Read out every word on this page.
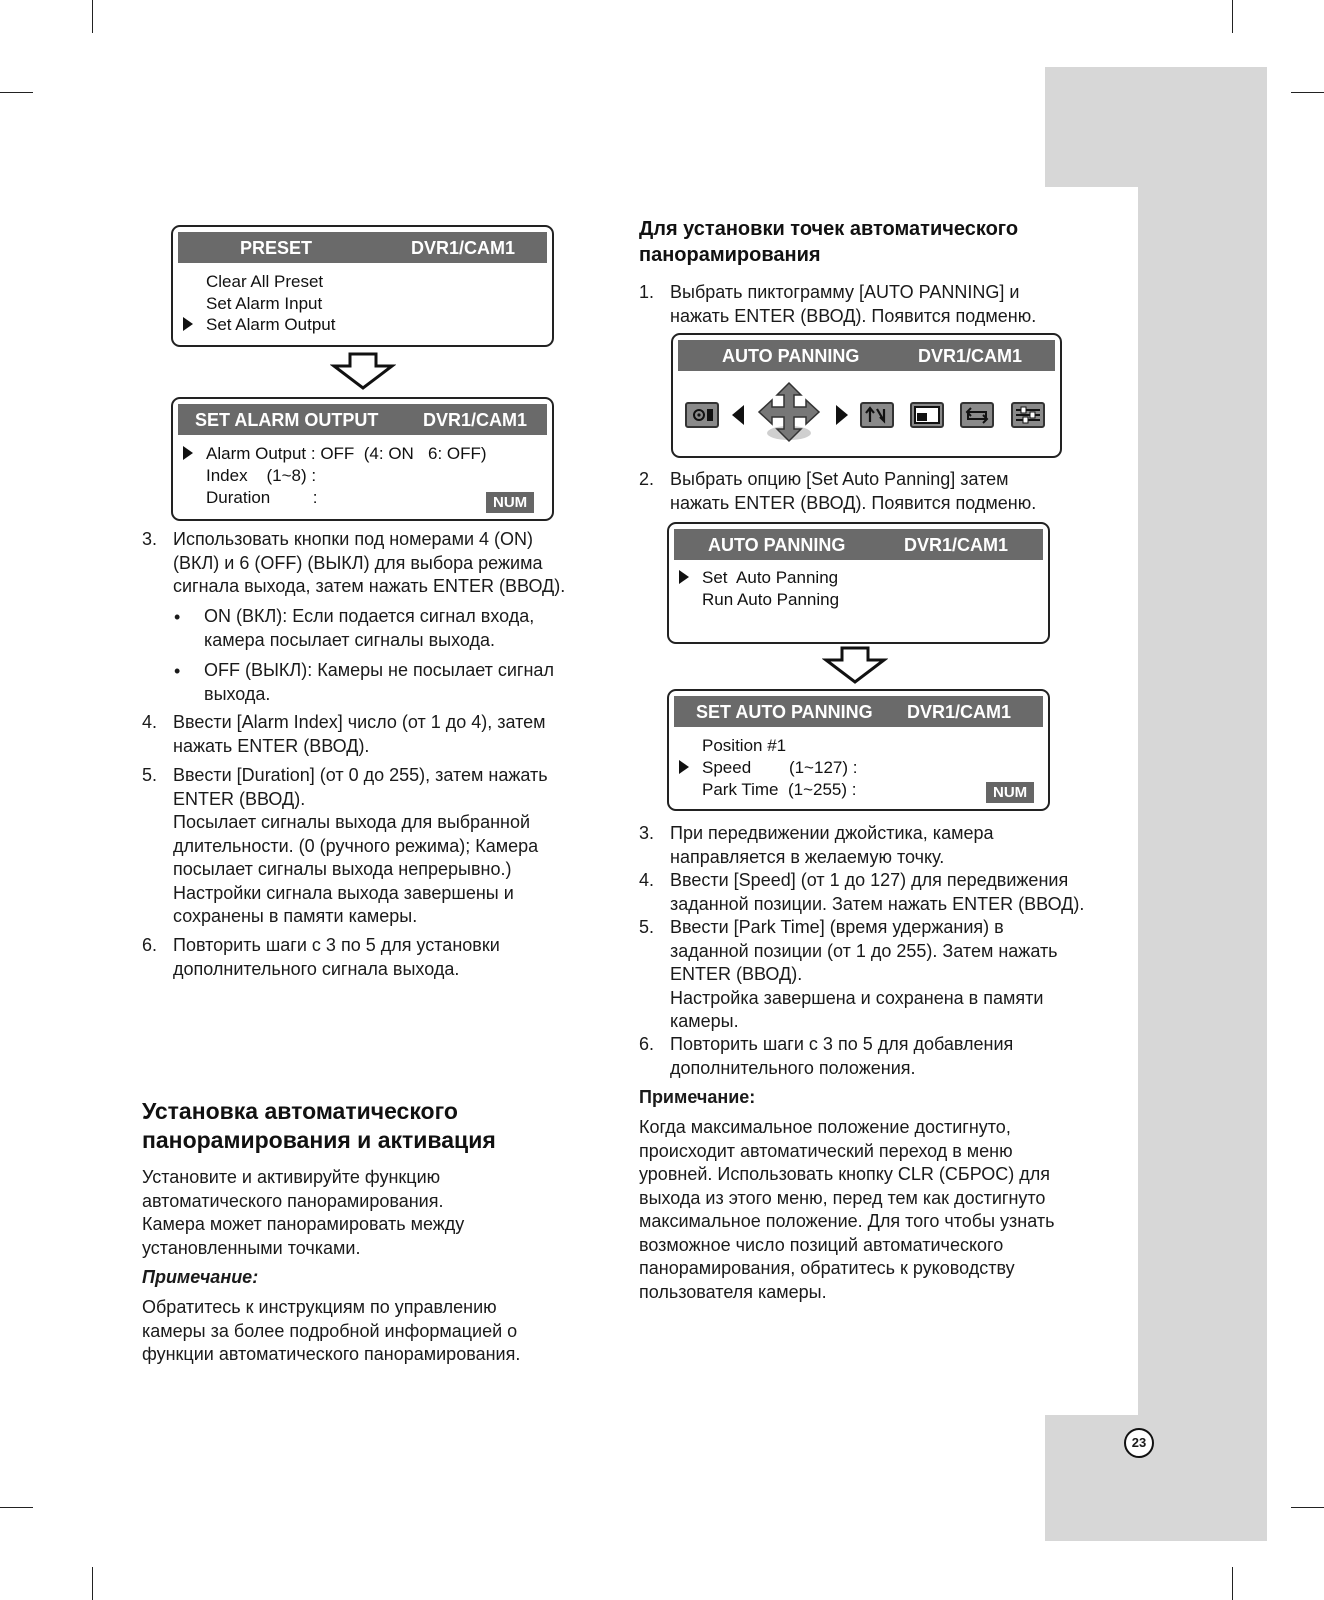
23
PRESET	DVR1/CAM1
Clear All Preset
Set Alarm Input
Set Alarm Output
SET ALARM OUTPUT DVR1/CAM1
Alarm Output : OFF  (4: ON   6: OFF)
Index    (1~8) :
Duration         :	NUM
3. Использовать кнопки под номерами 4 (ON)
(ВКЛ) и 6 (OFF) (ВЫКЛ) для выбора режима
сигнала выхода, затем нажать ENTER (ВВОД).
• ON (ВКЛ): Если подается сигнал входа,
камера посылает сигналы выхода.
• OFF (ВЫКЛ): Камеры не посылает сигнал
выхода.
4. Ввести [Alarm Index] число (от 1 до 4), затем
нажать ENTER (ВВОД).
5. Ввести [Duration] (от 0 до 255), затем нажать
ENTER (ВВОД).
Посылает сигналы выхода для выбранной
длительности. (0 (ручного режима); Камера
посылает сигналы выхода непрерывно.)
Настройки сигнала выхода завершены и
сохранены в памяти камеры.
6. Повторить шаги с 3 по 5 для установки
дополнительного сигнала выхода.
Установка автоматического
панорамирования и активация
Установите и активируйте функцию
автоматического панорамирования.
Камера может панорамировать между
установленными точками.
Примечание:
Обратитесь к инструкциям по управлению
камеры за более подробной информацией о
функции автоматического панорамирования.
Для установки точек автоматического
панорамирования
1. Выбрать пиктограмму [AUTO PANNING] и
нажать ENTER (ВВОД). Появится подменю.
AUTO PANNING	DVR1/CAM1
2. Выбрать опцию [Set Auto Panning] затем
нажать ENTER (ВВОД). Появится подменю.
AUTO PANNING	DVR1/CAM1
Set  Auto Panning
Run Auto Panning
SET AUTO PANNING DVR1/CAM1
Position #1
Speed        (1~127) :
Park Time  (1~255) :	NUM
3. При передвижении джойстика, камера
направляется в желаемую точку.
4. Ввести [Speed] (от 1 до 127) для передвижения
заданной позиции. Затем нажать ENTER (ВВОД).
5. Ввести [Park Time] (время удержания) в
заданной позиции (от 1 до 255). Затем нажать
ENTER (ВВОД).
Настройка завершена и сохранена в памяти
камеры.
6. Повторить шаги с 3 по 5 для добавления
дополнительного положения.
Примечание:
Когда максимальное положение достигнуто,
происходит автоматический переход в меню
уровней. Использовать кнопку CLR (СБРОС) для
выхода из этого меню, перед тем как достигнуто
максимальное положение. Для того чтобы узнать
возможное число позиций автоматического
панорамирования, обратитесь к руководству
пользователя камеры.
